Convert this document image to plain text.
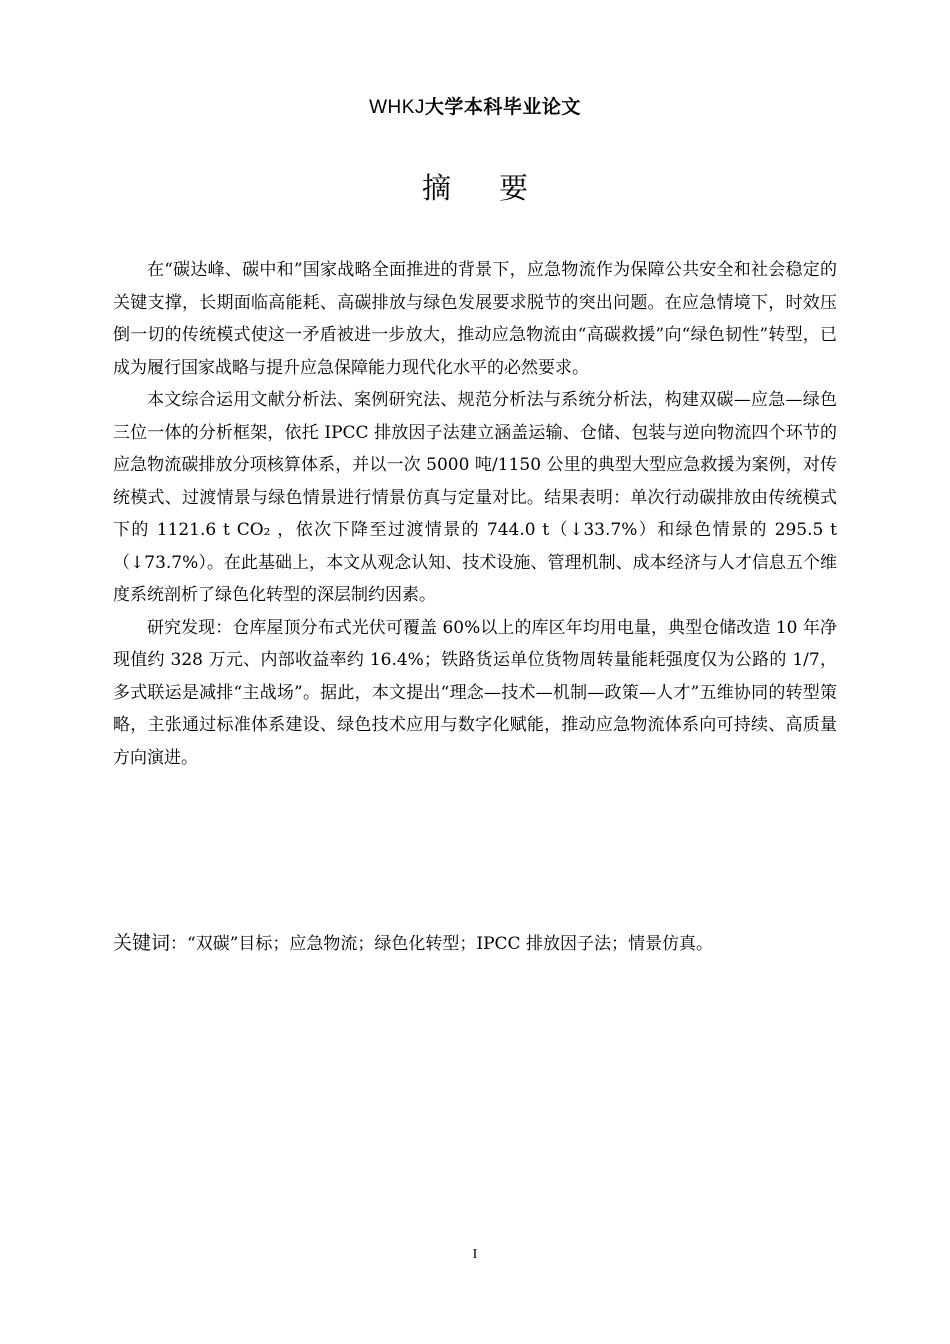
WHKJ大学本科毕业论文
摘要

在“碳达峰、碳中和”国家战略全面推进的背景下，应急物流作为保障公共安全和社会稳定的关键支撑，长期面临高能耗、高碳排放与绿色发展要求脱节的突出问题。在应急情境下，时效压倒一切的传统模式使这一矛盾被进一步放大，推动应急物流由“高碳救援”向“绿色韧性”转型，已成为履行国家战略与提升应急保障能力现代化水平的必然要求。

本文综合运用文献分析法、案例研究法、规范分析法与系统分析法，构建双碳—应急—绿色三位一体的分析框架，依托 IPCC 排放因子法建立涵盖运输、仓储、包装与逆向物流四个环节的应急物流碳排放分项核算体系，并以一次 5000 吨/1150 公里的典型大型应急救援为案例，对传统模式、过渡情景与绿色情景进行情景仿真与定量对比。结果表明：单次行动碳排放由传统模式下的 1121.6 t CO₂ ，依次下降至过渡情景的 744.0 t（↓33.7%）和绿色情景的 295.5 t（↓73.7%）。在此基础上，本文从观念认知、技术设施、管理机制、成本经济与人才信息五个维度系统剖析了绿色化转型的深层制约因素。

研究发现：仓库屋顶分布式光伏可覆盖 60%以上的库区年均用电量，典型仓储改造 10 年净现值约 328 万元、内部收益率约 16.4%；铁路货运单位货物周转量能耗强度仅为公路的 1/7，多式联运是减排“主战场”。据此，本文提出“理念—技术—机制—政策—人才”五维协同的转型策略，主张通过标准体系建设、绿色技术应用与数字化赋能，推动应急物流体系向可持续、高质量方向演进。

关键词：“双碳”目标；应急物流；绿色化转型；IPCC 排放因子法；情景仿真。
I
